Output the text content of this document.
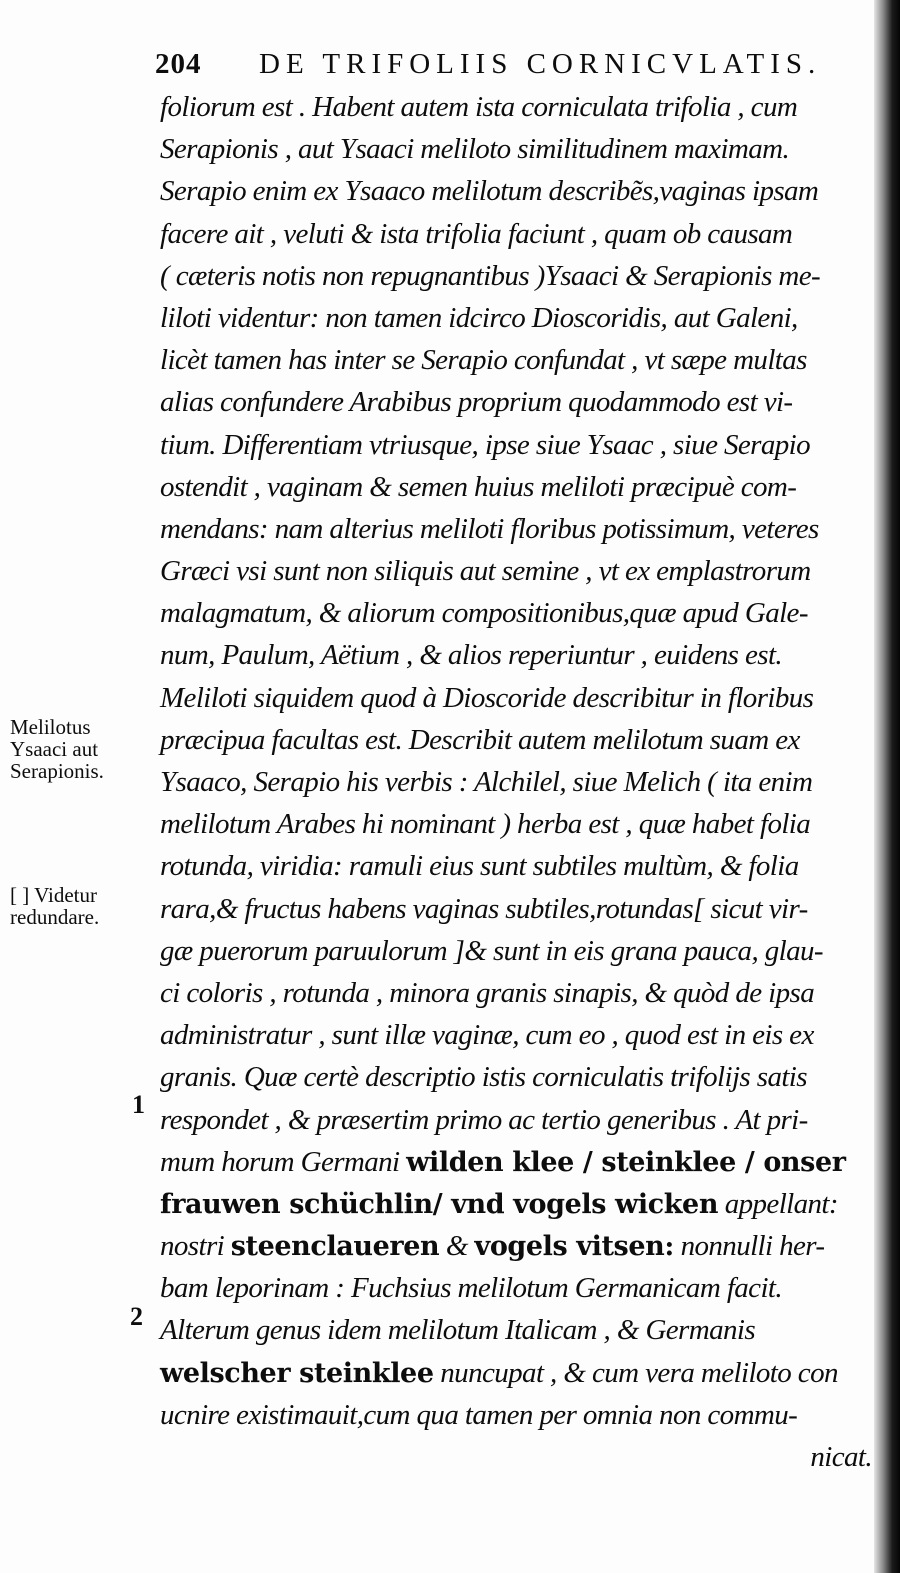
204 DE TRIFOLIIS CORNICVLATIS.
Melilotus Ysaaci aut Serapionis.
[ ] Videtur redundare.
1
2
foliorum est . Habent autem ista corniculata trifolia , cum
Serapionis , aut Ysaaci meliloto similitudinem maximam.
Serapio enim ex Ysaaco melilotum describẽs,vaginas ipsam
facere ait , veluti & ista trifolia faciunt , quam ob causam
( cæteris notis non repugnantibus )Ysaaci & Serapionis me-
liloti videntur: non tamen idcirco Dioscoridis, aut Galeni,
licèt tamen has inter se Serapio confundat , vt sæpe multas
alias confundere Arabibus proprium quodammodo est vi-
tium. Differentiam vtriusque, ipse siue Ysaac , siue Serapio
ostendit , vaginam & semen huius meliloti præcipuè com-
mendans: nam alterius meliloti floribus potissimum, veteres
Græci vsi sunt non siliquis aut semine , vt ex emplastrorum
malagmatum, & aliorum compositionibus,quæ apud Gale-
num, Paulum, Aëtium , & alios reperiuntur , euidens est.
Meliloti siquidem quod à Dioscoride describitur in floribus
præcipua facultas est. Describit autem melilotum suam ex
Ysaaco, Serapio his verbis : Alchilel, siue Melich ( ita enim
melilotum Arabes hi nominant ) herba est , quæ habet folia
rotunda, viridia: ramuli eius sunt subtiles multùm, & folia
rara,& fructus habens vaginas subtiles,rotundas[ sicut vir-
gæ puerorum paruulorum ]& sunt in eis grana pauca, glau-
ci coloris , rotunda , minora granis sinapis, & quòd de ipsa
administratur , sunt illæ vaginæ, cum eo , quod est in eis ex
granis. Quæ certè descriptio istis corniculatis trifolijs satis
respondet , & præsertim primo ac tertio generibus . At pri-
mum horum Germani wilden klee / steinklee / onser
frauwen schüchlin/ vnd vogels wicken appellant:
nostri steenclaueren & vogels vitsen: nonnulli her-
bam leporinam : Fuchsius melilotum Germanicam facit.
Alterum genus idem melilotum Italicam , & Germanis
welscher steinklee nuncupat , & cum vera meliloto con
ucnire existimauit,cum qua tamen per omnia non commu-
nicat.
